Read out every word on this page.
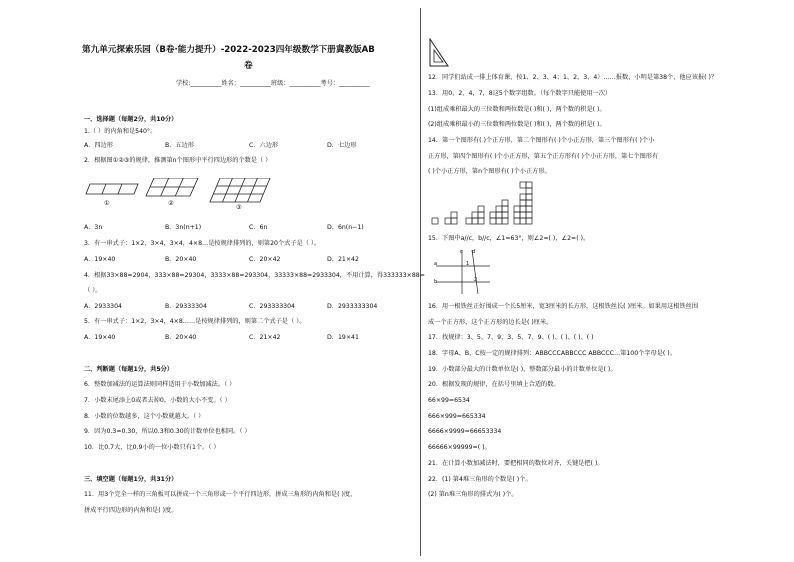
第九单元探索乐园（B卷·能力提升）-2022-2023四年级数学下册冀教版AB
卷
学校:__________姓名：__________班级：__________考号：__________
一、选择题（每题2分，共10分）
1.（ ）的内角和是540°。
A．四边形	B．五边形	C．六边形	D．七边形
2．根据图①②③的规律，推测第n个图形中平行四边形的个数是（ ）
①	②
③
A．3n	B．3n(n+1)	C．6n	D．6n(n−1)
3．有一串式子：1×2，3×4，3×4，4×8…是按规律排列的，则第20个式子是（ ）。
A．19×40	B．20×40	C．20×42	D．21×42
4．根据33×88=2904，333×88=29304，3333×88=293304，33333×88=2933304，不用计算，得333333×88=
（ ）。
A．2933304	B．29333304	C．293333304	D．2933333304
5．有一串式子：1×2，3×4，4×8……是按规律排列的，则第二个式子是（ ）。
A．19×40	B．20×40	C．21×42	D．19×41
二、判断题（每题1分，共5分）
6．整数加减法的运算法则同样适用于小数加减法。（ ）
7．小数末尾添上0或者去掉0，小数的大小不变。（ ）
8．小数的位数越多，这个小数就越大。（ ）
9．因为0.3=0.30，所以0.3和0.30的计数单位也相同。（ ）
10．比0.7大，比0.9小的一位小数只有1个。（ ）
三、填空题（每题1分，共31分）
11．用3个完全一样的三角板可以拼成一个三角形或一个平行四边形，拼成三角形的内角和是( )度，
拼成平行四边形的内角和是( )度。
12．同学们站成一排上体育课，按1、2、3、4；1、2、3、4）……报数，小明是第38个，他应该报( )？
13．用0，2，4，7，8这5个数字组数。（每个数字只能使用一次）
(1)组成乘积最大的三位数和两位数是( )和( )，两个数的积是( )。
(2)组成乘积最小的三位数和两位数是( )和( )，两个数的积是( )。
14．第一个图形有( )个正方形，第二个图形有( )个小正方形，第三个图形有( )个小
正方形，第四个图形有( )个小正方形，第五个正方形有( )个小正方形，第七个图形有
( )个小正方形，第n个图形有( )个小正方形。
15．下图中a//c，b//c，∠1=63°，则∠2=( )，∠2=( )。
a
c
b
d
1
2
16．用一根铁丝正好围成一个长5厘米，宽3厘米的长方形，这根铁丝长( )厘米。如果用这根铁丝围
成一个正方形，这个正方形的边长是( )厘米。
17．找规律：3、5、7、9、3、5、7、9、( )、( )、( )、( )
18．字母A、B、C按一定的规律排列：ABBCCCABBCCC ABBCCC…第100个字母是( )。
19．小数部分最大的计数单位是( )，整数部分最小的计数单位是( )。
20．根据发现的规律，在括号里填上合适的数。
66×99=6534
666×999=665334
6666×9999=66653334
66666×99999=( )。
21．在计算小数加减法时，要把相同的数位对齐，关键是把( )。
22．(1) 第4堆三角形的个数是( )个。
(2) 第n堆三角形的排式为( )个。
